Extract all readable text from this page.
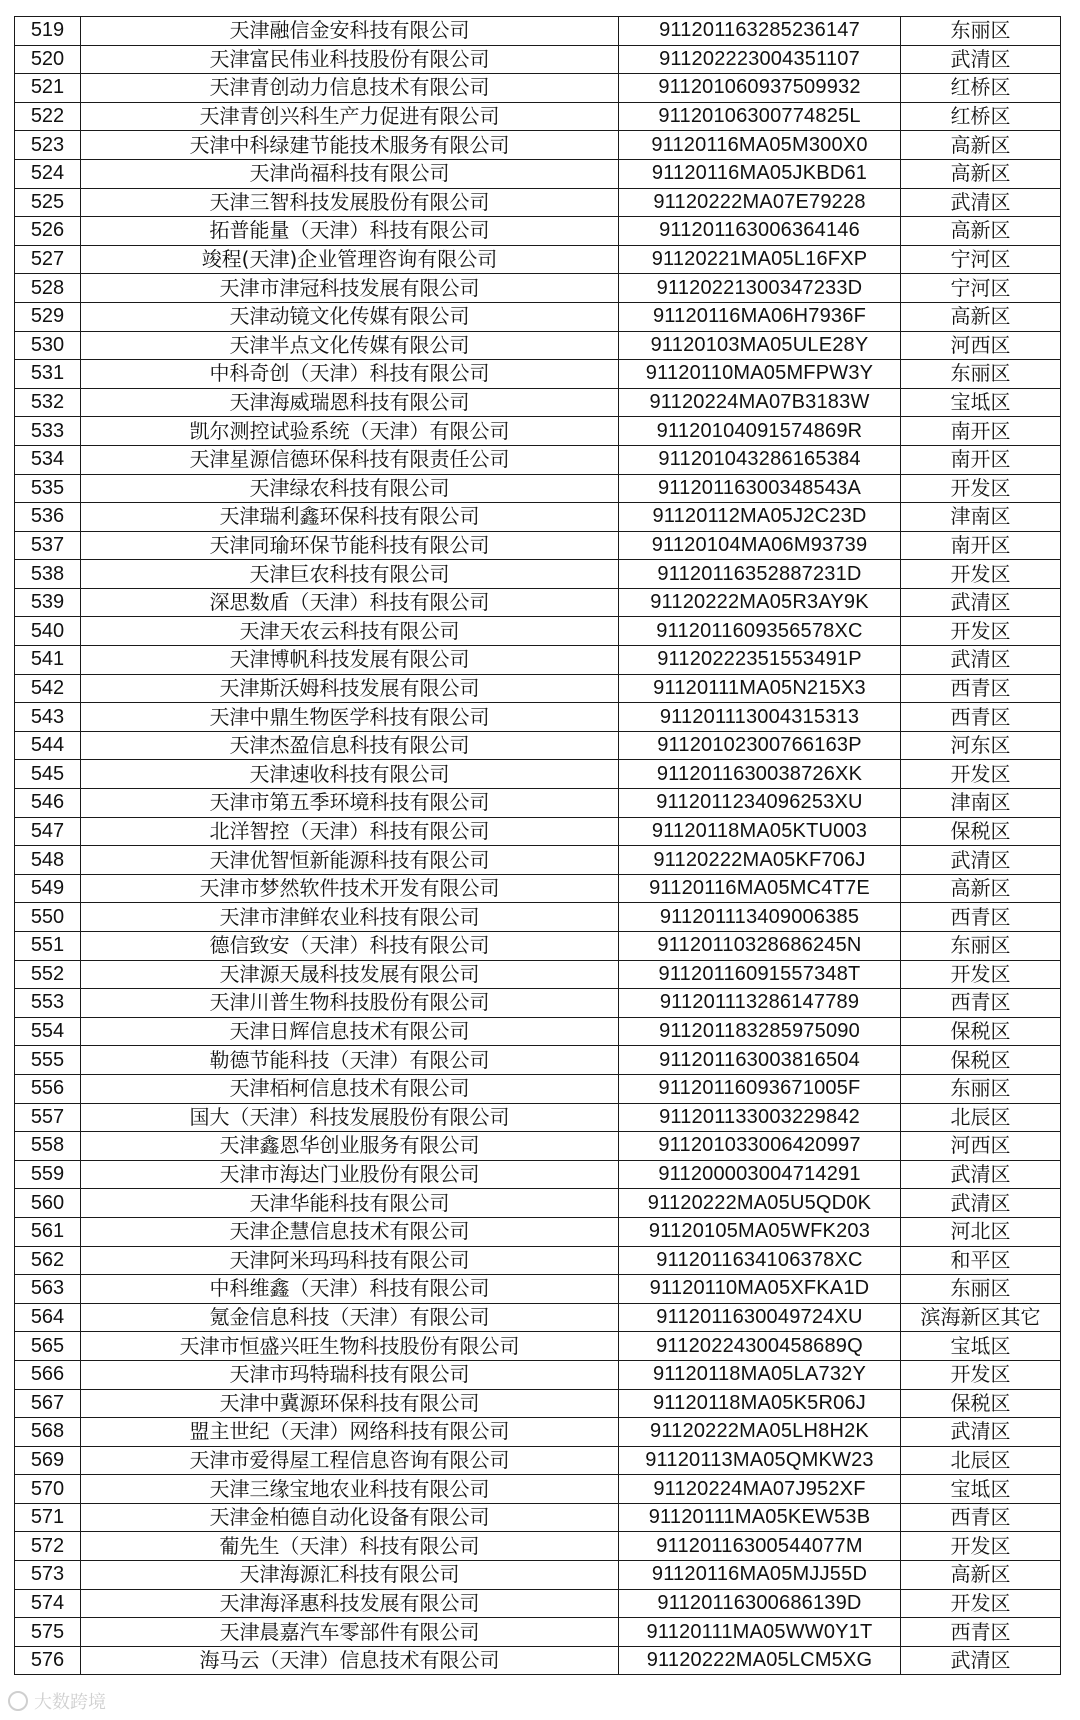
519	天津融信金安科技有限公司	911201163285236147	东丽区
520	天津富民伟业科技股份有限公司	911202223004351107	武清区
521	天津青创动力信息技术有限公司	911201060937509932	红桥区
522	天津青创兴科生产力促进有限公司	91120106300774825L	红桥区
523	天津中科绿建节能技术服务有限公司	91120116MA05M300X0	高新区
524	天津尚福科技有限公司	91120116MA05JKBD61	高新区
525	天津三智科技发展股份有限公司	91120222MA07E79228	武清区
526	拓普能量（天津）科技有限公司	911201163006364146	高新区
527	竣程(天津)企业管理咨询有限公司	91120221MA05L16FXP	宁河区
528	天津市津冠科技发展有限公司	91120221300347233D	宁河区
529	天津动镜文化传媒有限公司	91120116MA06H7936F	高新区
530	天津半点文化传媒有限公司	91120103MA05ULE28Y	河西区
531	中科奇创（天津）科技有限公司	91120110MA05MFPW3Y	东丽区
532	天津海威瑞恩科技有限公司	91120224MA07B3183W	宝坻区
533	凯尔测控试验系统（天津）有限公司	91120104091574869R	南开区
534	天津星源信德环保科技有限责任公司	911201043286165384	南开区
535	天津绿农科技有限公司	91120116300348543A	开发区
536	天津瑞利鑫环保科技有限公司	91120112MA05J2C23D	津南区
537	天津同瑜环保节能科技有限公司	91120104MA06M93739	南开区
538	天津巨农科技有限公司	91120116352887231D	开发区
539	深思数盾（天津）科技有限公司	91120222MA05R3AY9K	武清区
540	天津天农云科技有限公司	9112011609356578XC	开发区
541	天津博帆科技发展有限公司	91120222351553491P	武清区
542	天津斯沃姆科技发展有限公司	91120111MA05N215X3	西青区
543	天津中鼎生物医学科技有限公司	911201113004315313	西青区
544	天津杰盈信息科技有限公司	91120102300766163P	河东区
545	天津速收科技有限公司	9112011630038726XK	开发区
546	天津市第五季环境科技有限公司	9112011234096253XU	津南区
547	北洋智控（天津）科技有限公司	91120118MA05KTU003	保税区
548	天津优智恒新能源科技有限公司	91120222MA05KF706J	武清区
549	天津市梦然软件技术开发有限公司	91120116MA05MC4T7E	高新区
550	天津市津鲜农业科技有限公司	911201113409006385	西青区
551	德信致安（天津）科技有限公司	91120110328686245N	东丽区
552	天津源天晟科技发展有限公司	91120116091557348T	开发区
553	天津川普生物科技股份有限公司	911201113286147789	西青区
554	天津日辉信息技术有限公司	911201183285975090	保税区
555	勒德节能科技（天津）有限公司	911201163003816504	保税区
556	天津栢柯信息技术有限公司	91120116093671005F	东丽区
557	国大（天津）科技发展股份有限公司	911201133003229842	北辰区
558	天津鑫恩华创业服务有限公司	911201033006420997	河西区
559	天津市海达门业股份有限公司	911200003004714291	武清区
560	天津华能科技有限公司	91120222MA05U5QD0K	武清区
561	天津企慧信息技术有限公司	91120105MA05WFK203	河北区
562	天津阿米玛玛科技有限公司	9112011634106378XC	和平区
563	中科维鑫（天津）科技有限公司	91120110MA05XFKA1D	东丽区
564	氪金信息科技（天津）有限公司	9112011630049724XU	滨海新区其它
565	天津市恒盛兴旺生物科技股份有限公司	91120224300458689Q	宝坻区
566	天津市玛特瑞科技有限公司	91120118MA05LA732Y	开发区
567	天津中冀源环保科技有限公司	91120118MA05K5R06J	保税区
568	盟主世纪（天津）网络科技有限公司	91120222MA05LH8H2K	武清区
569	天津市爱得屋工程信息咨询有限公司	91120113MA05QMKW23	北辰区
570	天津三缘宝地农业科技有限公司	91120224MA07J952XF	宝坻区
571	天津金柏德自动化设备有限公司	91120111MA05KEW53B	西青区
572	葡先生（天津）科技有限公司	91120116300544077M	开发区
573	天津海源汇科技有限公司	91120116MA05MJJ55D	高新区
574	天津海泽惠科技发展有限公司	91120116300686139D	开发区
575	天津晨嘉汽车零部件有限公司	91120111MA05WW0Y1T	西青区
576	海马云（天津）信息技术有限公司	91120222MA05LCM5XG	武清区
大数跨境
